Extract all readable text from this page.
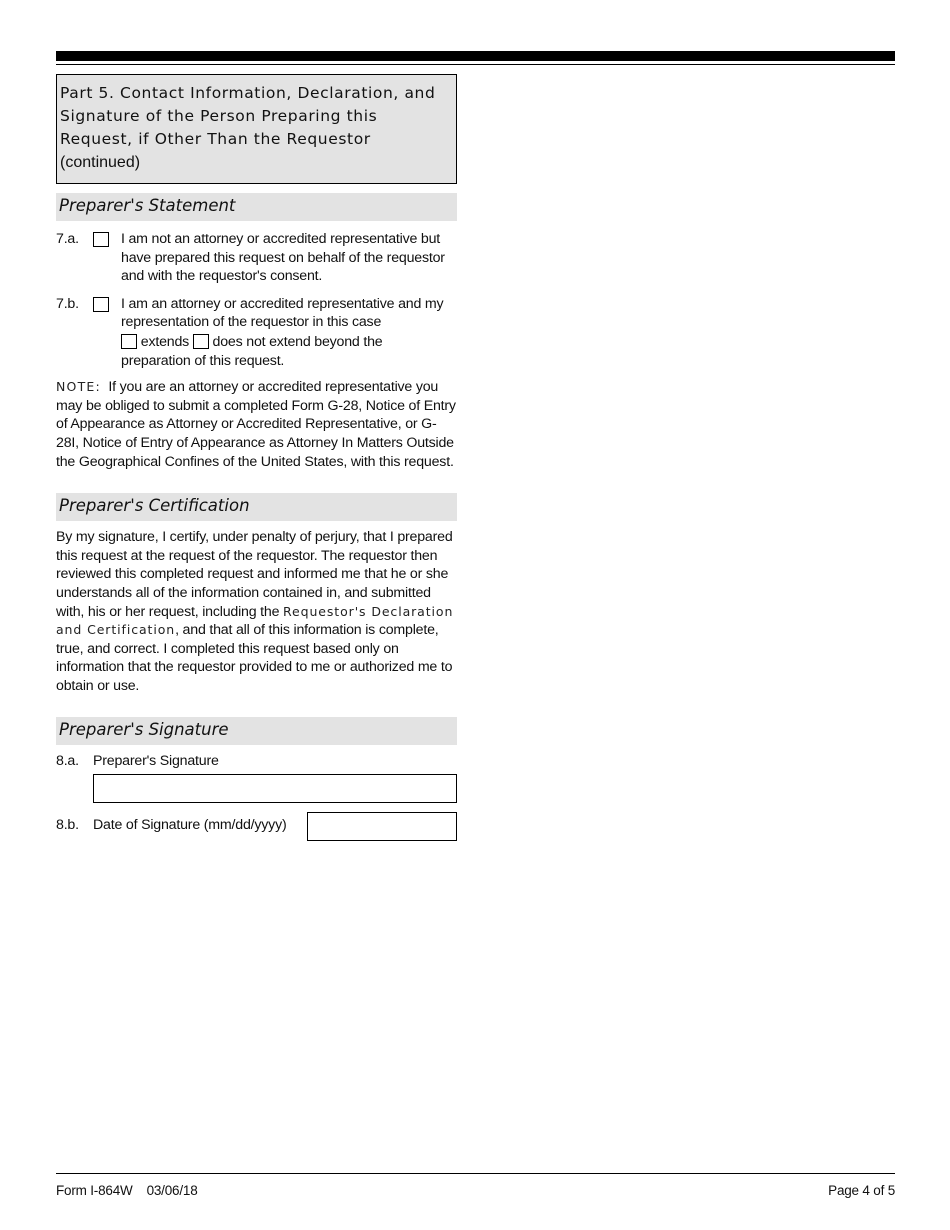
Part 5. Contact Information, Declaration, and Signature of the Person Preparing this Request, if Other Than the Requestor (continued)
Preparer's Statement
7.a.	I am not an attorney or accredited representative but have prepared this request on behalf of the requestor and with the requestor's consent.
7.b.	I am an attorney or accredited representative and my representation of the requestor in this case
extends does not extend beyond the
preparation of this request.
NOTE: If you are an attorney or accredited representative you may be obliged to submit a completed Form G-28, Notice of Entry of Appearance as Attorney or Accredited Representative, or G-28I, Notice of Entry of Appearance as Attorney In Matters Outside the Geographical Confines of the United States, with this request.
Preparer's Certification
By my signature, I certify, under penalty of perjury, that I prepared this request at the request of the requestor. The requestor then reviewed this completed request and informed me that he or she understands all of the information contained in, and submitted with, his or her request, including the Requestor's Declaration and Certification, and that all of this information is complete, true, and correct. I completed this request based only on information that the requestor provided to me or authorized me to obtain or use.
Preparer's Signature
8.a. Preparer's Signature
8.b. Date of Signature (mm/dd/yyyy)
Form I-864W 03/06/18	Page 4 of 5
